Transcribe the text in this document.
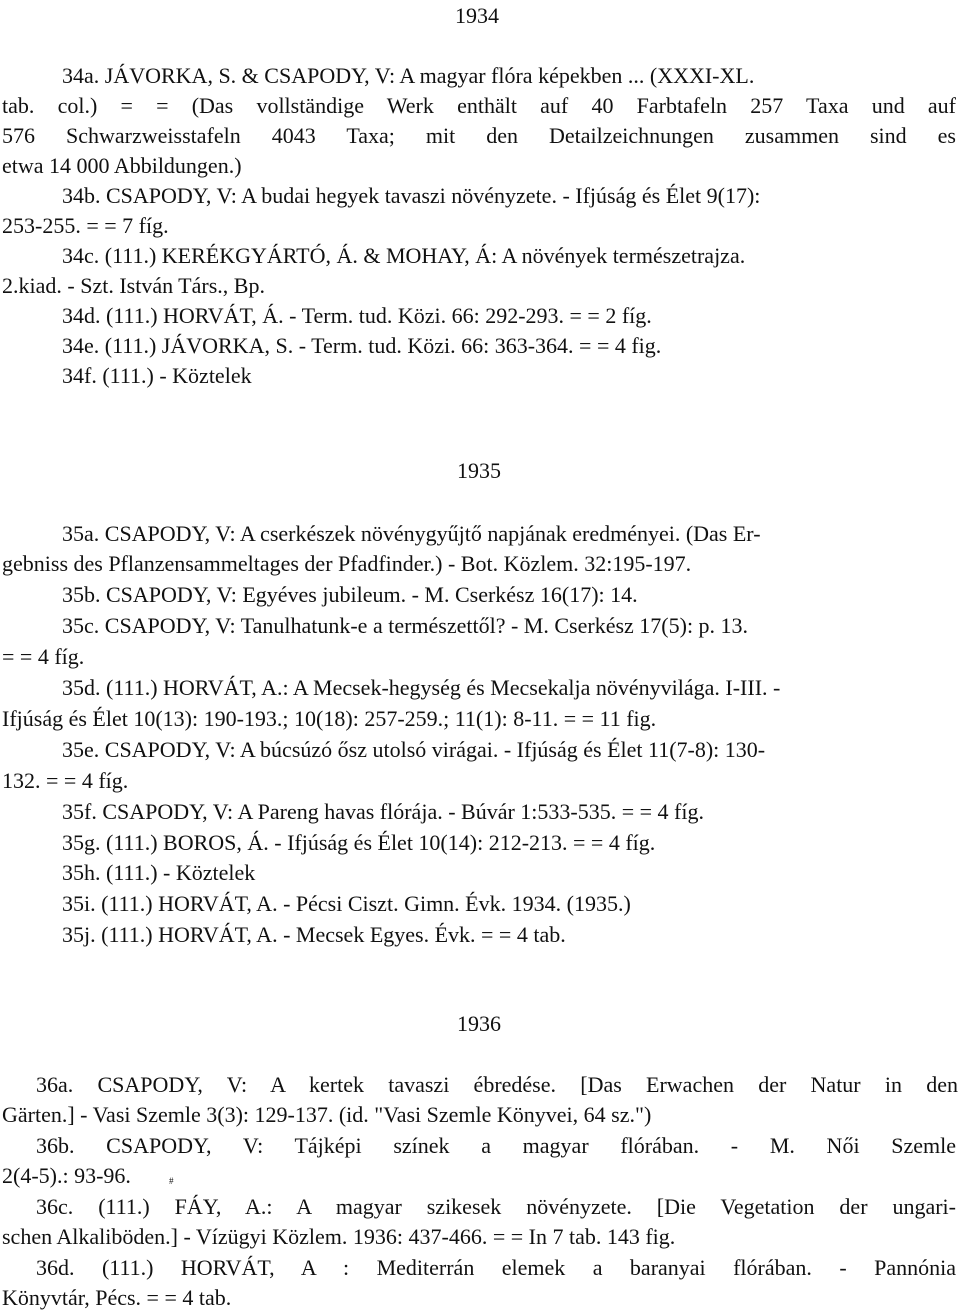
1934
34a. JÁVORKA, S. & CSAPODY, V: A magyar flóra képekben ... (XXXI-XL.
tab. col.) = = (Das vollständige Werk enthält auf 40 Farbtafeln 257 Taxa und auf
576 Schwarzweisstafeln 4043 Taxa; mit den Detailzeichnungen zusammen sind es
etwa 14 000 Abbildungen.)
34b. CSAPODY, V: A budai hegyek tavaszi növényzete. - Ifjúság és Élet 9(17):
253-255. = = 7 fíg.
34c. (111.) KERÉKGYÁRTÓ, Á. & MOHAY, Á: A növények természetrajza.
2.kiad. - Szt. István Társ., Bp.
34d. (111.) HORVÁT, Á. - Term. tud. Közi. 66: 292-293. = = 2 fíg.
34e. (111.) JÁVORKA, S. - Term. tud. Közi. 66: 363-364. = = 4 fig.
34f. (111.) - Köztelek
1935
35a. CSAPODY, V: A cserkészek növénygyűjtő napjának eredményei. (Das Er-
gebniss des Pflanzensammeltages der Pfadfinder.) - Bot. Közlem. 32:195-197.
35b. CSAPODY, V: Egyéves jubileum. - M. Cserkész 16(17): 14.
35c. CSAPODY, V: Tanulhatunk-e a természettől? - M. Cserkész 17(5): p. 13.
= = 4 fíg.
35d. (111.) HORVÁT, A.: A Mecsek-hegység és Mecsekalja növényvilága. I-III. -
Ifjúság és Élet 10(13): 190-193.; 10(18): 257-259.; 11(1): 8-11. = = 11 fig.
35e. CSAPODY, V: A búcsúzó ősz utolsó virágai. - Ifjúság és Élet 11(7-8): 130-
132. = = 4 fíg.
35f. CSAPODY, V: A Pareng havas flórája. - Búvár 1:533-535. = = 4 fíg.
35g. (111.) BOROS, Á. - Ifjúság és Élet 10(14): 212-213. = = 4 fíg.
35h. (111.) - Köztelek
35i. (111.) HORVÁT, A. - Pécsi Ciszt. Gimn. Évk. 1934. (1935.)
35j. (111.) HORVÁT, A. - Mecsek Egyes. Évk. = = 4 tab.
1936
36a. CSAPODY, V: A kertek tavaszi ébredése. [Das Erwachen der Natur in den
Gärten.] - Vasi Szemle 3(3): 129-137. (id. "Vasi Szemle Könyvei, 64 sz.")
36b. CSAPODY, V: Tájképi színek a magyar flórában. - M. Női Szemle
2(4-5).: 93-96.	#
36c. (111.) FÁY, A.: A magyar szikesek növényzete. [Die Vegetation der ungari-
schen Alkaliböden.] - Vízügyi Közlem. 1936: 437-466. = = In 7 tab. 143 fig.
36d. (111.) HORVÁT, A : Mediterrán elemek a baranyai flórában. - Pannónia
Könyvtár, Pécs. = = 4 tab.
